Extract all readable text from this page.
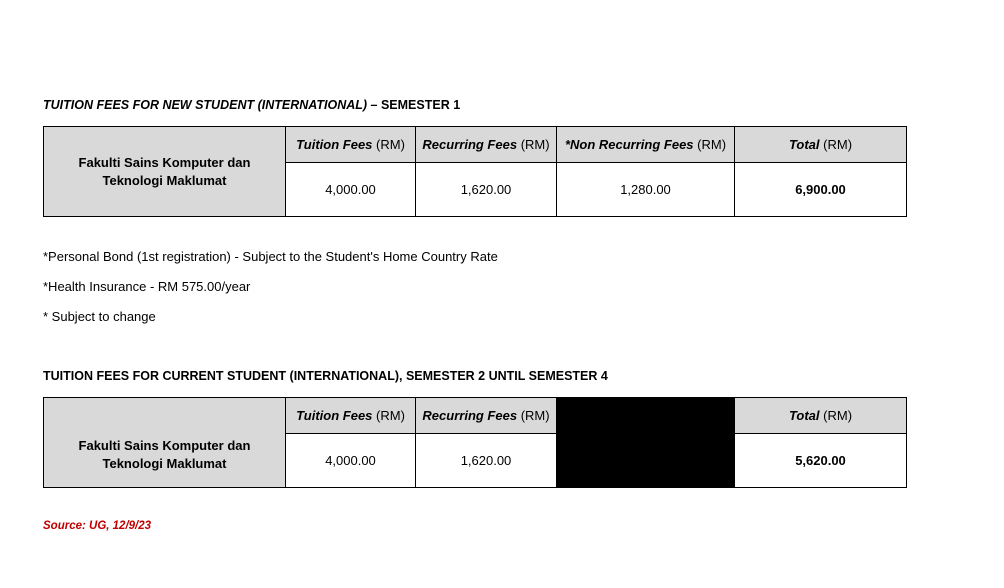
TUITION FEES FOR NEW STUDENT (INTERNATIONAL) – SEMESTER 1

Fakulti Sains Komputer dan
Teknologi Maklumat	Tuition Fees (RM)	Recurring Fees (RM)	*Non Recurring Fees (RM)	Total (RM)
	4,000.00	1,620.00	1,280.00	6,900.00

*Personal Bond (1st registration) - Subject to the Student's Home Country Rate

*Health Insurance - RM 575.00/year

* Subject to change

TUITION FEES FOR CURRENT STUDENT (INTERNATIONAL), SEMESTER 2 UNTIL SEMESTER 4

Fakulti Sains Komputer dan
Teknologi Maklumat	Tuition Fees (RM)	Recurring Fees (RM)		Total (RM)
	4,000.00	1,620.00		5,620.00

Source: UG, 12/9/23
